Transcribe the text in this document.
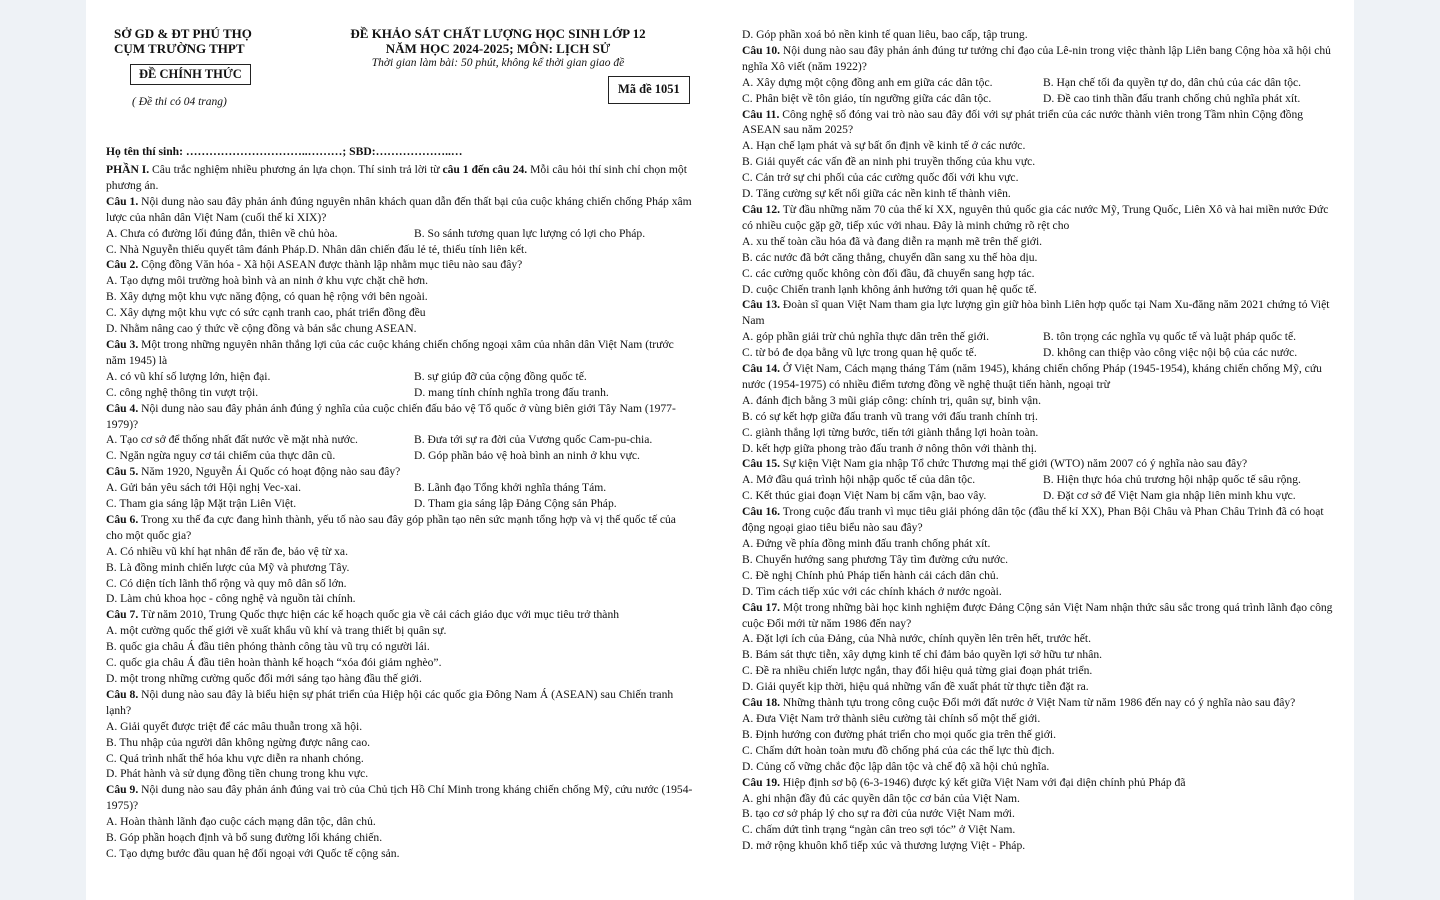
SỞ GD & ĐT PHÚ THỌ
CỤM TRƯỜNG THPT
ĐỀ CHÍNH THỨC
( Đề thi có 04 trang)
ĐỀ KHẢO SÁT CHẤT LƯỢNG HỌC SINH LỚP 12
NĂM HỌC 2024-2025; MÔN: LỊCH SỬ
Thời gian làm bài: 50 phút, không kể thời gian giao đề
Mã đề 1051
Họ tên thí sinh: …………………………..………; SBD:………………..…

PHẦN I. Câu trắc nghiệm nhiều phương án lựa chọn. Thí sinh trả lời từ câu 1 đến câu 24. Mỗi câu hỏi thí sinh chỉ chọn một phương án.

Câu 1. Nội dung nào sau đây phản ánh đúng nguyên nhân khách quan dẫn đến thất bại của cuộc kháng chiến chống Pháp xâm lược của nhân dân Việt Nam (cuối thế kỉ XIX)?

A. Chưa có đường lối đúng đắn, thiên về chủ hòa.	B. So sánh tương quan lực lượng có lợi cho Pháp.
C. Nhà Nguyễn thiếu quyết tâm đánh Pháp.D. Nhân dân chiến đấu lẻ tẻ, thiếu tính liên kết.

Câu 2. Cộng đồng Văn hóa - Xã hội ASEAN được thành lập nhằm mục tiêu nào sau đây?

A. Tạo dựng môi trường hoà bình và an ninh ở khu vực chặt chẽ hơn.
B. Xây dựng một khu vực năng động, có quan hệ rộng với bên ngoài.
C. Xây dựng một khu vực có sức cạnh tranh cao, phát triển đồng đều
D. Nhằm nâng cao ý thức về cộng đồng và bản sắc chung ASEAN.

Câu 3. Một trong những nguyên nhân thắng lợi của các cuộc kháng chiến chống ngoại xâm của nhân dân Việt Nam (trước năm 1945) là

A. có vũ khí số lượng lớn, hiện đại.	B. sự giúp đỡ của cộng đồng quốc tế.
C. công nghệ thông tin vượt trội.	D. mang tính chính nghĩa trong đấu tranh.

Câu 4. Nội dung nào sau đây phản ánh đúng ý nghĩa của cuộc chiến đấu bảo vệ Tổ quốc ở vùng biên giới Tây Nam (1977-1979)?

A. Tạo cơ sở để thống nhất đất nước về mặt nhà nước.	B. Đưa tới sự ra đời của Vương quốc Cam-pu-chia.
C. Ngăn ngừa nguy cơ tái chiếm của thực dân cũ.	D. Góp phần bảo vệ hoà bình an ninh ở khu vực.

Câu 5. Năm 1920, Nguyễn Ái Quốc có hoạt động nào sau đây?

A. Gửi bản yêu sách tới Hội nghị Vec-xai.	B. Lãnh đạo Tổng khởi nghĩa tháng Tám.
C. Tham gia sáng lập Mặt trận Liên Việt.	D. Tham gia sáng lập Đảng Cộng sản Pháp.

Câu 6. Trong xu thế đa cực đang hình thành, yếu tố nào sau đây góp phần tạo nên sức mạnh tổng hợp và vị thế quốc tế của cho một quốc gia?

A. Có nhiều vũ khí hạt nhân để răn đe, bảo vệ từ xa.
B. Là đồng minh chiến lược của Mỹ và phương Tây.
C. Có diện tích lãnh thổ rộng và quy mô dân số lớn.
D. Làm chủ khoa học - công nghệ và nguồn tài chính.

Câu 7. Từ năm 2010, Trung Quốc thực hiện các kế hoạch quốc gia về cải cách giáo dục với mục tiêu trở thành

A. một cường quốc thế giới về xuất khẩu vũ khí và trang thiết bị quân sự.
B. quốc gia châu Á đầu tiên phóng thành công tàu vũ trụ có người lái.
C. quốc gia châu Á đầu tiên hoàn thành kế hoạch “xóa đói giảm nghèo”.
D. một trong những cường quốc đổi mới sáng tạo hàng đầu thế giới.

Câu 8. Nội dung nào sau đây là biểu hiện sự phát triển của Hiệp hội các quốc gia Đông Nam Á (ASEAN) sau Chiến tranh lạnh?

A. Giải quyết được triệt để các mâu thuẫn trong xã hội.
B. Thu nhập của người dân không ngừng được nâng cao.
C. Quá trình nhất thể hóa khu vực diễn ra nhanh chóng.
D. Phát hành và sử dụng đồng tiền chung trong khu vực.

Câu 9. Nội dung nào sau đây phản ánh đúng vai trò của Chủ tịch Hồ Chí Minh trong kháng chiến chống Mỹ, cứu nước (1954-1975)?

A. Hoàn thành lãnh đạo cuộc cách mạng dân tộc, dân chủ.
B. Góp phần hoạch định và bổ sung đường lối kháng chiến.
C. Tạo dựng bước đầu quan hệ đối ngoại với Quốc tế cộng sản.
D. Góp phần xoá bỏ nền kinh tế quan liêu, bao cấp, tập trung.

Câu 10. Nội dung nào sau đây phản ánh đúng tư tưởng chỉ đạo của Lê-nin trong việc thành lập Liên bang Cộng hòa xã hội chủ nghĩa Xô viết (năm 1922)?

A. Xây dựng một cộng đồng anh em giữa các dân tộc.	B. Hạn chế tối đa quyền tự do, dân chủ của các dân tộc.
C. Phân biệt về tôn giáo, tín ngưỡng giữa các dân tộc.	D. Đề cao tinh thần đấu tranh chống chủ nghĩa phát xít.

Câu 11. Công nghệ số đóng vai trò nào sau đây đối với sự phát triển của các nước thành viên trong Tầm nhìn Cộng đồng ASEAN sau năm 2025?

A. Hạn chế lạm phát và sự bất ổn định về kinh tế ở các nước.
B. Giải quyết các vấn đề an ninh phi truyền thống của khu vực.
C. Cản trở sự chi phối của các cường quốc đối với khu vực.
D. Tăng cường sự kết nối giữa các nền kinh tế thành viên.

Câu 12. Từ đầu những năm 70 của thế kỉ XX, nguyên thủ quốc gia các nước Mỹ, Trung Quốc, Liên Xô và hai miền nước Đức có nhiều cuộc gặp gỡ, tiếp xúc với nhau. Đây là minh chứng rõ rệt cho

A. xu thế toàn cầu hóa đã và đang diễn ra mạnh mẽ trên thế giới.
B. các nước đã bớt căng thẳng, chuyển dần sang xu thế hòa dịu.
C. các cường quốc không còn đối đầu, đã chuyển sang hợp tác.
D. cuộc Chiến tranh lạnh không ảnh hưởng tới quan hệ quốc tế.

Câu 13. Đoàn sĩ quan Việt Nam tham gia lực lượng gìn giữ hòa bình Liên hợp quốc tại Nam Xu-đăng năm 2021 chứng tỏ Việt Nam

A. góp phần giải trừ chủ nghĩa thực dân trên thế giới.	B. tôn trọng các nghĩa vụ quốc tế và luật pháp quốc tế.
C. từ bỏ đe dọa bằng vũ lực trong quan hệ quốc tế.	D. không can thiệp vào công việc nội bộ của các nước.

Câu 14. Ở Việt Nam, Cách mạng tháng Tám (năm 1945), kháng chiến chống Pháp (1945-1954), kháng chiến chống Mỹ, cứu nước (1954-1975) có nhiều điểm tương đồng về nghệ thuật tiến hành, ngoại trừ

A. đánh địch bằng 3 mũi giáp công: chính trị, quân sự, binh vận.
B. có sự kết hợp giữa đấu tranh vũ trang với đấu tranh chính trị.
C. giành thắng lợi từng bước, tiến tới giành thắng lợi hoàn toàn.
D. kết hợp giữa phong trào đấu tranh ở nông thôn với thành thị.

Câu 15. Sự kiện Việt Nam gia nhập Tổ chức Thương mại thế giới (WTO) năm 2007 có ý nghĩa nào sau đây?

A. Mở đầu quá trình hội nhập quốc tế của dân tộc.	B. Hiện thực hóa chủ trương hội nhập quốc tế sâu rộng.
C. Kết thúc giai đoạn Việt Nam bị cấm vận, bao vây.	D. Đặt cơ sở để Việt Nam gia nhập liên minh khu vực.

Câu 16. Trong cuộc đấu tranh vì mục tiêu giải phóng dân tộc (đầu thế kỉ XX), Phan Bội Châu và Phan Châu Trinh đã có hoạt động ngoại giao tiêu biểu nào sau đây?

A. Đứng về phía đồng minh đấu tranh chống phát xít.
B. Chuyển hướng sang phương Tây tìm đường cứu nước.
C. Đề nghị Chính phủ Pháp tiến hành cải cách dân chủ.
D. Tìm cách tiếp xúc với các chính khách ở nước ngoài.

Câu 17. Một trong những bài học kinh nghiệm được Đảng Cộng sản Việt Nam nhận thức sâu sắc trong quá trình lãnh đạo công cuộc Đổi mới từ năm 1986 đến nay?

A. Đặt lợi ích của Đảng, của Nhà nước, chính quyền lên trên hết, trước hết.
B. Bám sát thực tiễn, xây dựng kinh tế chỉ đảm bảo quyền lợi sở hữu tư nhân.
C. Đề ra nhiều chiến lược ngắn, thay đổi hiệu quả từng giai đoạn phát triển.
D. Giải quyết kịp thời, hiệu quả những vấn đề xuất phát từ thực tiễn đặt ra.

Câu 18. Những thành tựu trong công cuộc Đổi mới đất nước ở Việt Nam từ năm 1986 đến nay có ý nghĩa nào sau đây?

A. Đưa Việt Nam trở thành siêu cường tài chính số một thế giới.
B. Định hướng con đường phát triển cho mọi quốc gia trên thế giới.
C. Chấm dứt hoàn toàn mưu đồ chống phá của các thế lực thù địch.
D. Củng cố vững chắc độc lập dân tộc và chế độ xã hội chủ nghĩa.

Câu 19. Hiệp định sơ bộ (6-3-1946) được ký kết giữa Việt Nam với đại diện chính phủ Pháp đã

A. ghi nhận đầy đủ các quyền dân tộc cơ bản của Việt Nam.
B. tạo cơ sở pháp lý cho sự ra đời của nước Việt Nam mới.
C. chấm dứt tình trạng “ngàn cân treo sợi tóc” ở Việt Nam.
D. mở rộng khuôn khổ tiếp xúc và thương lượng Việt - Pháp.
